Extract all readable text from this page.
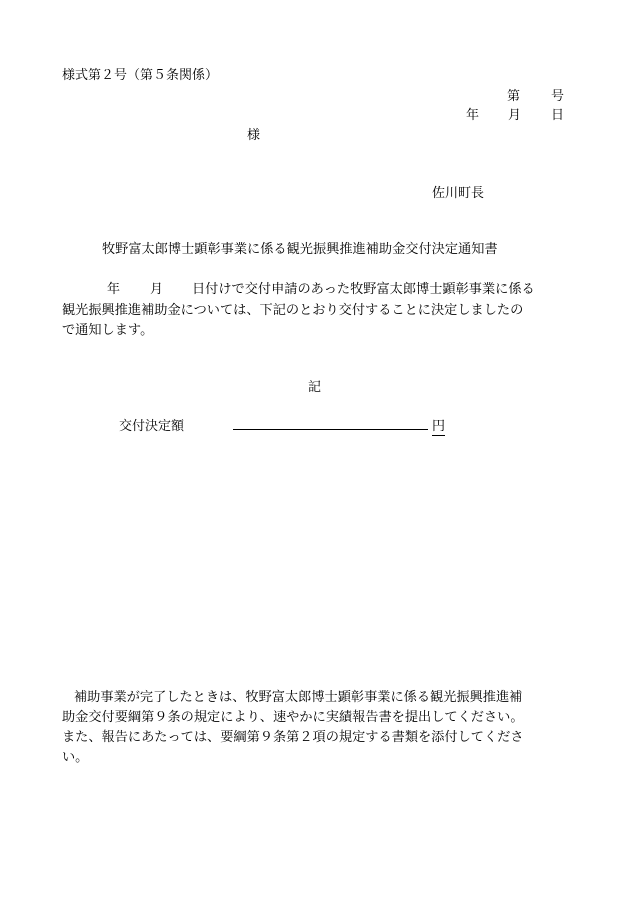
様式第２号（第５条関係）
第 号
年 月 日
様
佐川町長
牧野富太郎博士顕彰事業に係る観光振興推進補助金交付決定通知書
年 月 日付けで交付申請のあった牧野富太郎博士顕彰事業に係る
観光振興推進補助金については、下記のとおり交付することに決定しましたの
で通知します。
記
交付決定額	円
補助事業が完了したときは、牧野富太郎博士顕彰事業に係る観光振興推進補
助金交付要綱第９条の規定により、速やかに実績報告書を提出してください。
また、報告にあたっては、要綱第９条第２項の規定する書類を添付してくださ
い。
